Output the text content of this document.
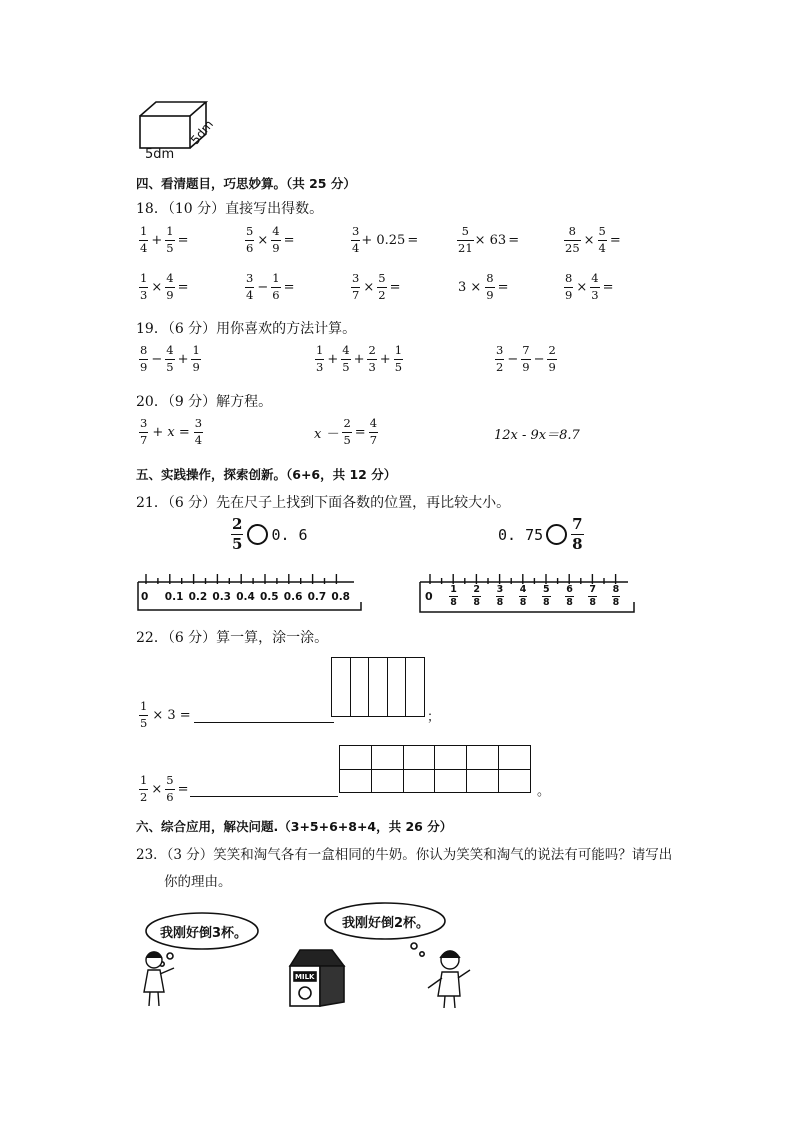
5dm
5dm
四、看清题目，巧思妙算。（共 25 分）
18．（10 分）直接写出得数。
$\frac{1}{4} + \frac{1}{5}$ =	$\frac{5}{6} \times \frac{4}{9}$ =	$\frac{3}{4} + 0.25$ =	$\frac{5}{21} \times 63$ =	$\frac{8}{25} \times \frac{5}{4}$ =
$\frac{1}{3} \times \frac{4}{9}$ =	$\frac{3}{4} - \frac{1}{6}$ =	$\frac{3}{7} \times \frac{5}{2}$ =	$3 \times \frac{8}{9}$ =	$\frac{8}{9} \times \frac{4}{3}$ =
19．（6 分）用你喜欢的方法计算。
$\frac{8}{9} - \frac{4}{5} + \frac{1}{9}$	$\frac{1}{3} + \frac{4}{5} + \frac{2}{3} + \frac{1}{5}$	$\frac{3}{2} - \frac{7}{9} - \frac{2}{9}$
20．（9 分）解方程。
$\frac{3}{7} + x = \frac{3}{4}$	$x - \frac{2}{5} = \frac{4}{7}$	12x - 9x＝8.7
五、实践操作，探索创新。（6+6，共 12 分）
21．（6 分）先在尺子上找到下面各数的位置，再比较大小。
$\frac{2}{5} 0$. 6	0. $75 \frac{7}{8}$
0 0.1 0.2 0.3 0.4 0.5 0.6 0.7 0.8	0
1
8
2
8
3
8
4
8
5
8
6
8
7
8
8
8
22．（6 分）算一算，涂一涂。

$\frac{1}{5} \times 3$ =	；

$\frac{1}{2} \times \frac{5}{6}$ =	。
六、综合应用，解决问题.（3+5+6+8+4，共 26 分）
23．（3 分）笑笑和淘气各有一盒相同的牛奶。你认为笑笑和淘气的说法有可能吗？请写出
你的理由。
我刚好倒3杯。
我刚好倒2杯。
MILK
